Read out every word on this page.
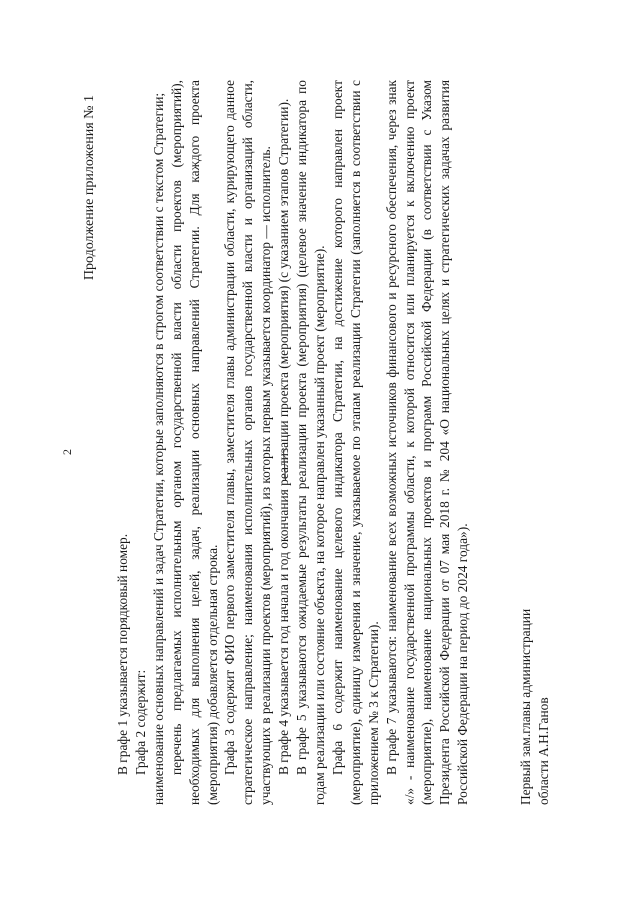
2
Продолжение приложения № 1

В графе 1 указывается порядковый номер. Графа 2 содержит: наименование основных направлений и задач Стратегии, которые заполняются в строгом соответствии с текстом Стратегии; перечень предлагаемых исполнительным органом государственной власти области проектов (мероприятий), необходимых для выполнения целей, задач, реализации основных направлений Стратегии. Для каждого проекта (мероприятия) добавляется отдельная строка. Графа 3 содержит ФИО первого заместителя главы, заместителя главы администрации области, курирующего данное стратегическое направление; наименования исполнительных органов государственной власти и организаций области, участвующих в реализации проектов (мероприятий), из которых первым указывается координатор — исполнитель. В графе 4 указывается год начала и год окончания реализации проекта (мероприятия) (с указанием этапов Стратегии). В графе 5 указываются ожидаемые результаты реализации проекта (мероприятия) (целевое значение индикатора по годам реализации или состояние объекта, на которое направлен указанный проект (мероприятие). Графа 6 содержит наименование целевого индикатора Стратегии, на достижение которого направлен проект (мероприятие), единицу измерения и значение, указываемое по этапам реализации Стратегии (заполняется в соответствии с приложением № 3 к Стратегии). В графе 7 указываются: наименование всех возможных источников финансового и ресурсного обеспечения, через знак «/» - наименование государственной программы области, к которой относится или планируется к включению проект (мероприятие), наименование национальных проектов и программ Российской Федерации (в соответствии с Указом Президента Российской Федерации от 07 мая 2018 г. № 204 «О национальных целях и стратегических задачах развития Российской Федерации на период до 2024 года»).	Первый зам.главы администрации области А.Н.Ганов
